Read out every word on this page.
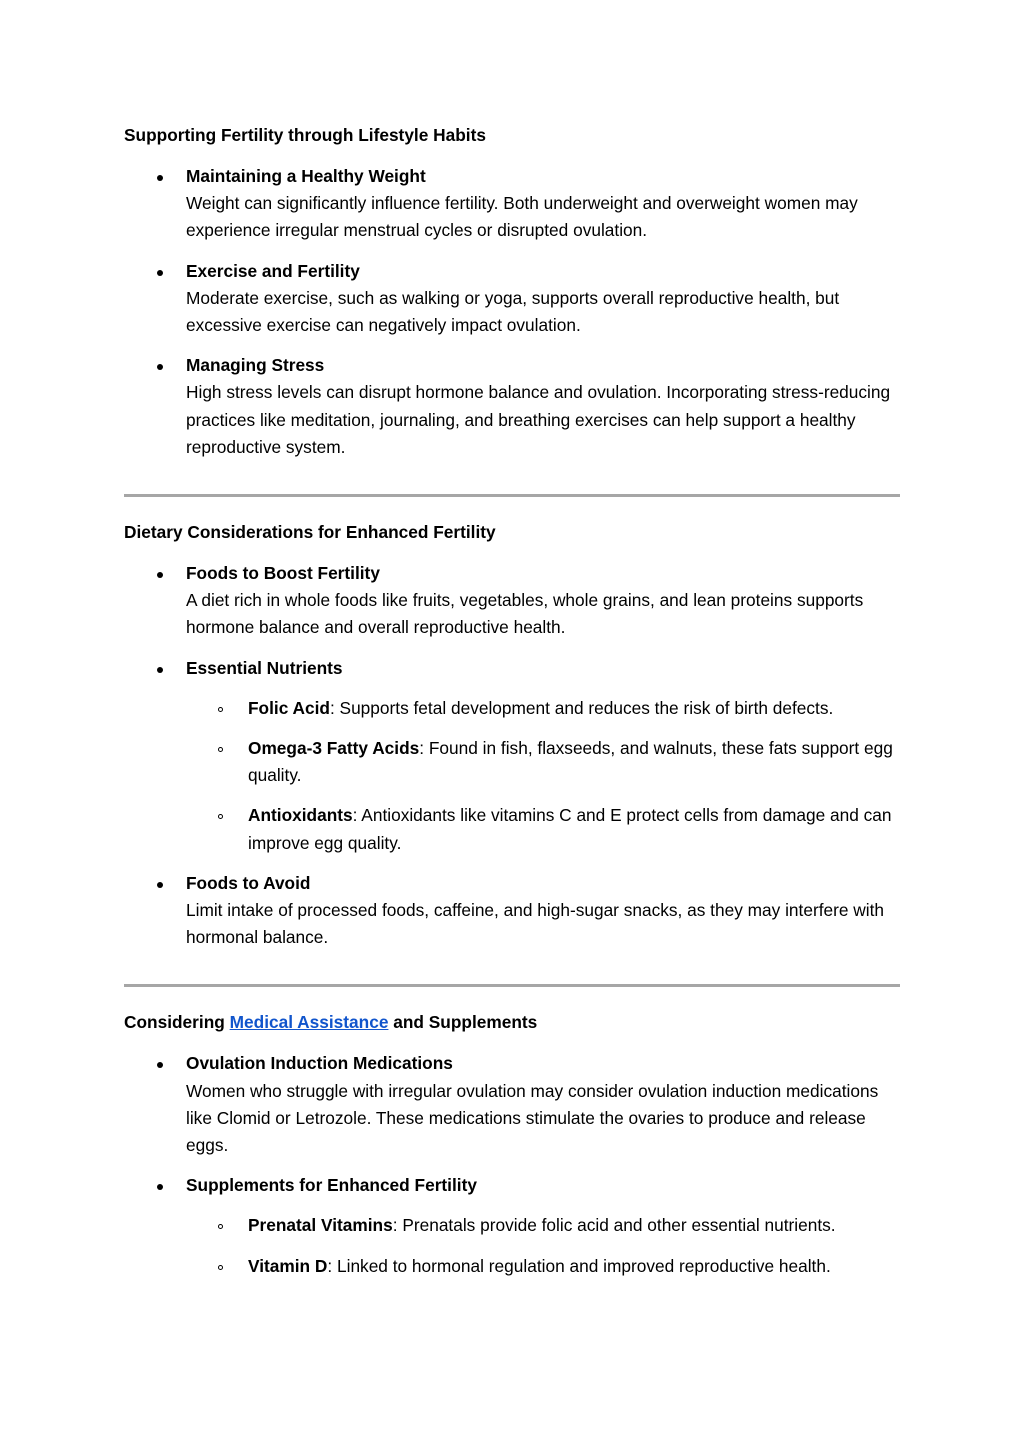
Supporting Fertility through Lifestyle Habits
Maintaining a Healthy Weight
Weight can significantly influence fertility. Both underweight and overweight women may experience irregular menstrual cycles or disrupted ovulation.
Exercise and Fertility
Moderate exercise, such as walking or yoga, supports overall reproductive health, but excessive exercise can negatively impact ovulation.
Managing Stress
High stress levels can disrupt hormone balance and ovulation. Incorporating stress-reducing practices like meditation, journaling, and breathing exercises can help support a healthy reproductive system.
Dietary Considerations for Enhanced Fertility
Foods to Boost Fertility
A diet rich in whole foods like fruits, vegetables, whole grains, and lean proteins supports hormone balance and overall reproductive health.
Essential Nutrients
Folic Acid: Supports fetal development and reduces the risk of birth defects.
Omega-3 Fatty Acids: Found in fish, flaxseeds, and walnuts, these fats support egg quality.
Antioxidants: Antioxidants like vitamins C and E protect cells from damage and can improve egg quality.
Foods to Avoid
Limit intake of processed foods, caffeine, and high-sugar snacks, as they may interfere with hormonal balance.
Considering Medical Assistance and Supplements
Ovulation Induction Medications
Women who struggle with irregular ovulation may consider ovulation induction medications like Clomid or Letrozole. These medications stimulate the ovaries to produce and release eggs.
Supplements for Enhanced Fertility
Prenatal Vitamins: Prenatals provide folic acid and other essential nutrients.
Vitamin D: Linked to hormonal regulation and improved reproductive health.
